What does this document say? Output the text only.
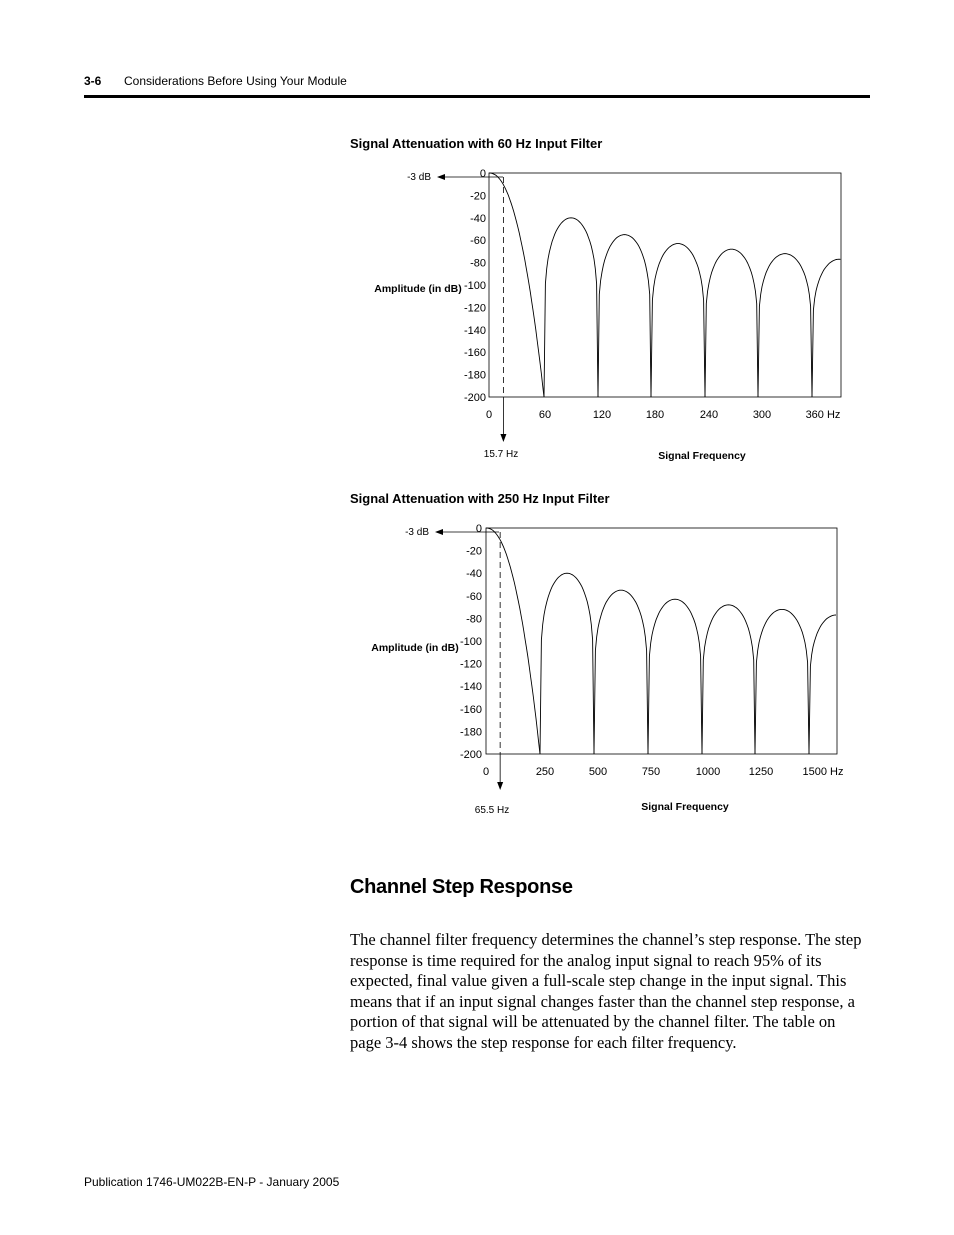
3-6 Considerations Before Using Your Module
Signal Attenuation with 60 Hz Input Filter
0
-20
-40
-60
-80
-100
-120
-140
-160
-180
-200
0	60	120	180	240	300	360 Hz
Amplitude (in dB)
Signal Frequency
-3 dB
15.7 Hz
Signal Attenuation with 250 Hz Input Filter
0
-20
-40
-60
-80
-100
-120
-140
-160
-180
-200
0	250	500	750	1000	1250	1500 Hz
Amplitude (in dB)
Signal Frequency
-3 dB
65.5 Hz
Channel Step Response
The channel filter frequency determines the channel’s step response. The step response is time required for the analog input signal to reach 95% of its expected, final value given a full-scale step change in the input signal. This means that if an input signal changes faster than the channel step response, a portion of that signal will be attenuated by the channel filter. The table on page 3-4 shows the step response for each filter frequency.
Publication 1746-UM022B-EN-P - January 2005
